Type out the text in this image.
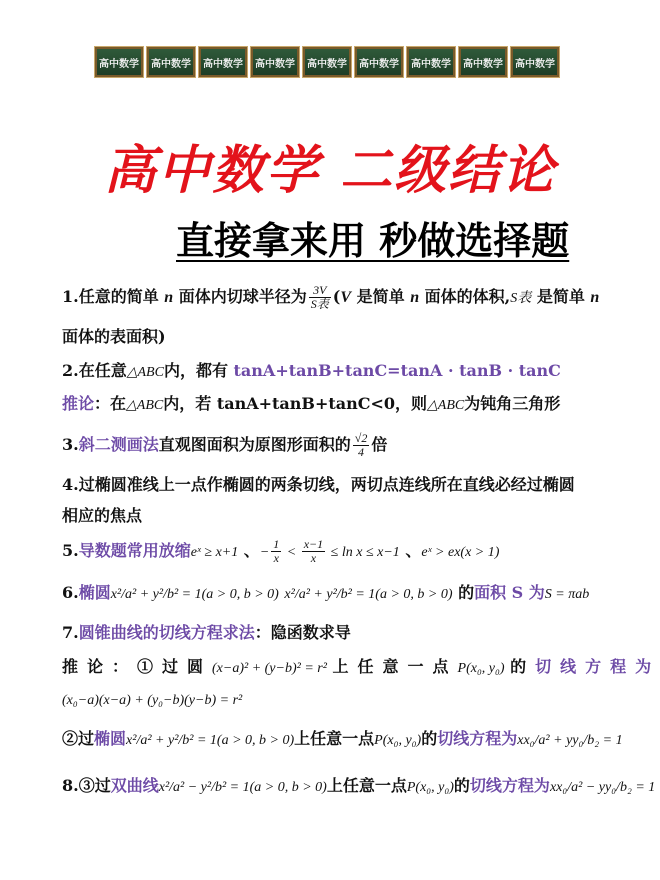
高中数学	高中数学	高中数学	高中数学	高中数学	高中数学	高中数学	高中数学	高中数学
高中数学 二级结论
直接拿来用 秒做选择题
1.任意的简单 n 面体内切球半径为 $\frac{3V}{\text{S表}} (V$ 是简单 n 面体的体积,S表 是简单 n
面体的表面积)
2.在任意△ABC内，都有 tanA+tanB+tanC=tanA · tanB · tanC
推论：在△ABC内，若 tanA+tanB+tanC<0，则△ABC为钝角三角形
3.斜二测画法直观图面积为原图形面积的 $\frac{√2}{4}$ 倍
4.过椭圆准线上一点作椭圆的两条切线，两切点连线所在直线必经过椭圆
相应的焦点
5.导数题常用放缩eˣ ≥ x+1 、− $\frac{1}{x} < \frac{x-1}{x} \le \ln x \le x-1$ 、eˣ > ex(x > 1)
6.椭圆x²/a² + y²/b² = 1(a > 0, b > 0) x²/a² + y²/b² = 1(a > 0, b > 0) 的面积 S 为S = πab
7.圆锥曲线的切线方程求法：隐函数求导
推论：①过圆(x−a)² + (y−b)² = r² 上任意一点P(x₀, y₀) 的切线方程为
(x₀−a)(x−a) + (y₀−b)(y−b) = r²
②过椭圆x²/a² + y²/b² = 1(a > 0, b > 0)上任意一点P(x₀, y₀)的切线方程为xx₀/a² + yy₀/b₂ = 1
8.③过双曲线x²/a² − y²/b² = 1(a > 0, b > 0)上任意一点P(x₀, y₀)的切线方程为xx₀/a² − yy₀/b₂ = 1
